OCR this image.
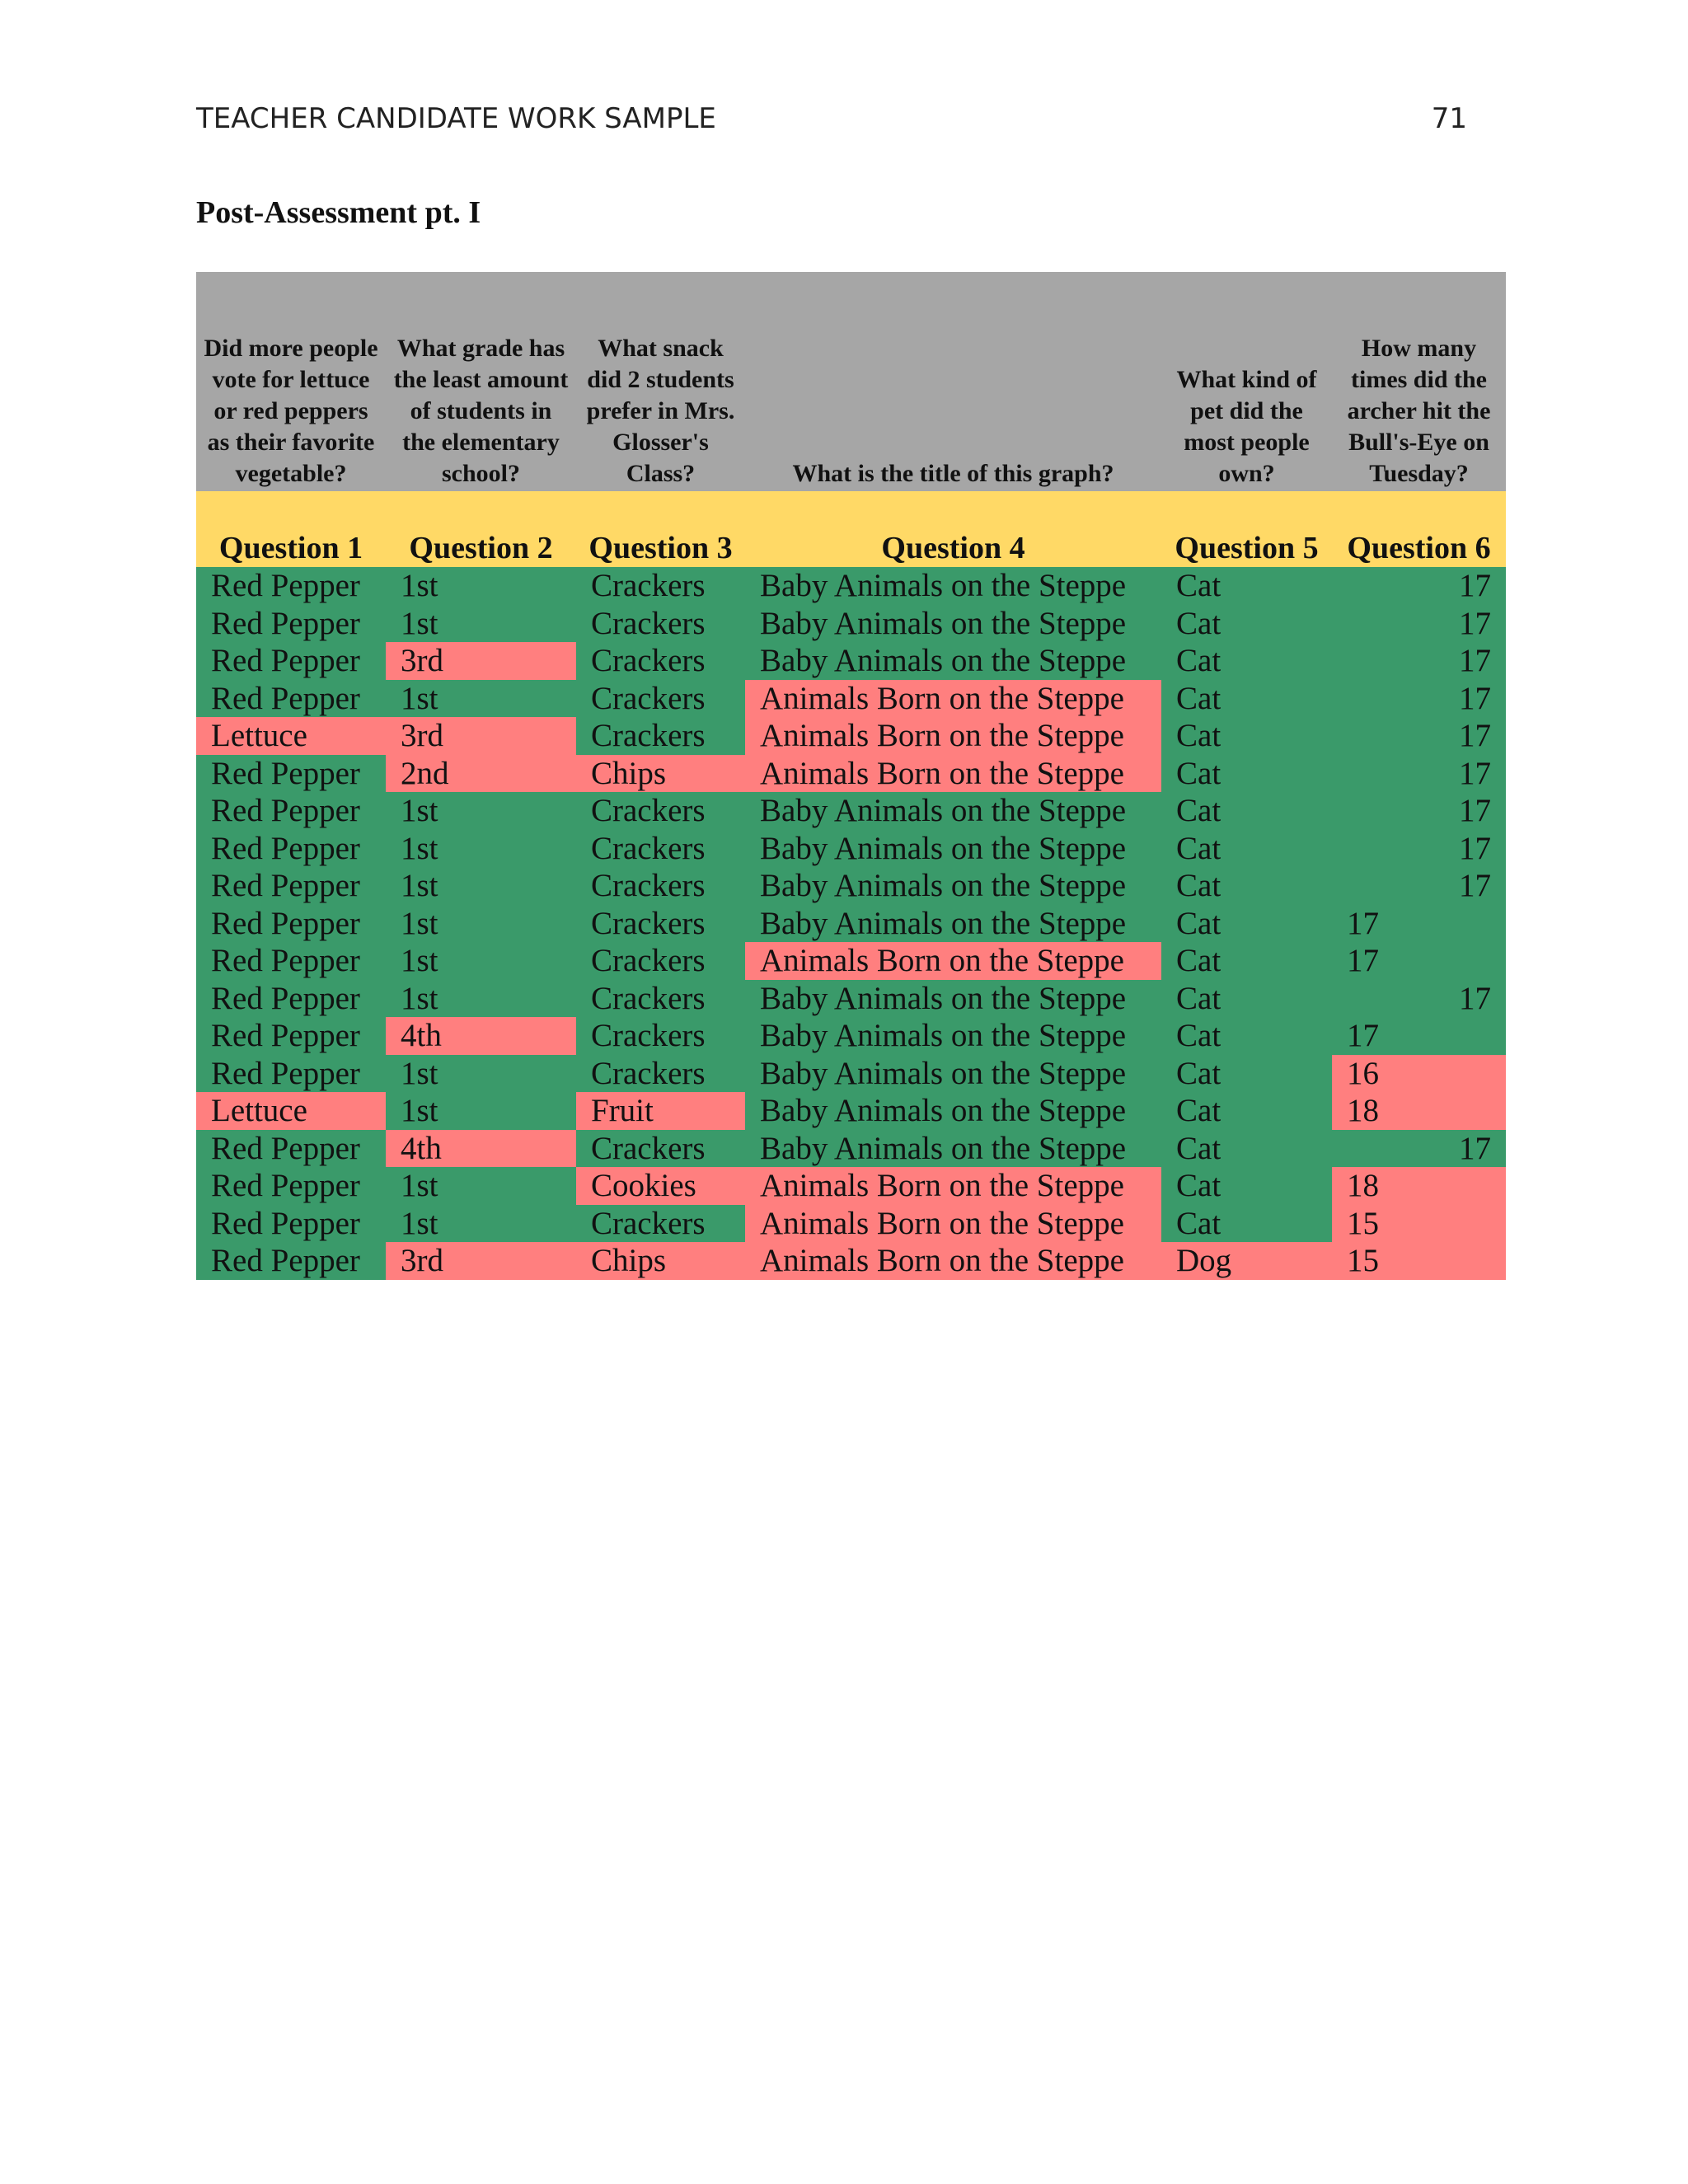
TEACHER CANDIDATE WORK SAMPLE	71
Post-Assessment pt. I
Did more people vote for lettuce or red peppers as their favorite vegetable?	What grade has the least amount of students in the elementary school?	What snack did 2 students prefer in Mrs. Glosser's Class?	What is the title of this graph?	What kind of pet did the most people own?	How many times did the archer hit the Bull's-Eye on Tuesday?
Question 1	Question 2	Question 3	Question 4	Question 5	Question 6
Red Pepper	1st	Crackers	Baby Animals on the Steppe	Cat	17
Red Pepper	1st	Crackers	Baby Animals on the Steppe	Cat	17
Red Pepper	3rd	Crackers	Baby Animals on the Steppe	Cat	17
Red Pepper	1st	Crackers	Animals Born on the Steppe	Cat	17
Lettuce	3rd	Crackers	Animals Born on the Steppe	Cat	17
Red Pepper	2nd	Chips	Animals Born on the Steppe	Cat	17
Red Pepper	1st	Crackers	Baby Animals on the Steppe	Cat	17
Red Pepper	1st	Crackers	Baby Animals on the Steppe	Cat	17
Red Pepper	1st	Crackers	Baby Animals on the Steppe	Cat	17
Red Pepper	1st	Crackers	Baby Animals on the Steppe	Cat	17
Red Pepper	1st	Crackers	Animals Born on the Steppe	Cat	17
Red Pepper	1st	Crackers	Baby Animals on the Steppe	Cat	17
Red Pepper	4th	Crackers	Baby Animals on the Steppe	Cat	17
Red Pepper	1st	Crackers	Baby Animals on the Steppe	Cat	16
Lettuce	1st	Fruit	Baby Animals on the Steppe	Cat	18
Red Pepper	4th	Crackers	Baby Animals on the Steppe	Cat	17
Red Pepper	1st	Cookies	Animals Born on the Steppe	Cat	18
Red Pepper	1st	Crackers	Animals Born on the Steppe	Cat	15
Red Pepper	3rd	Chips	Animals Born on the Steppe	Dog	15
